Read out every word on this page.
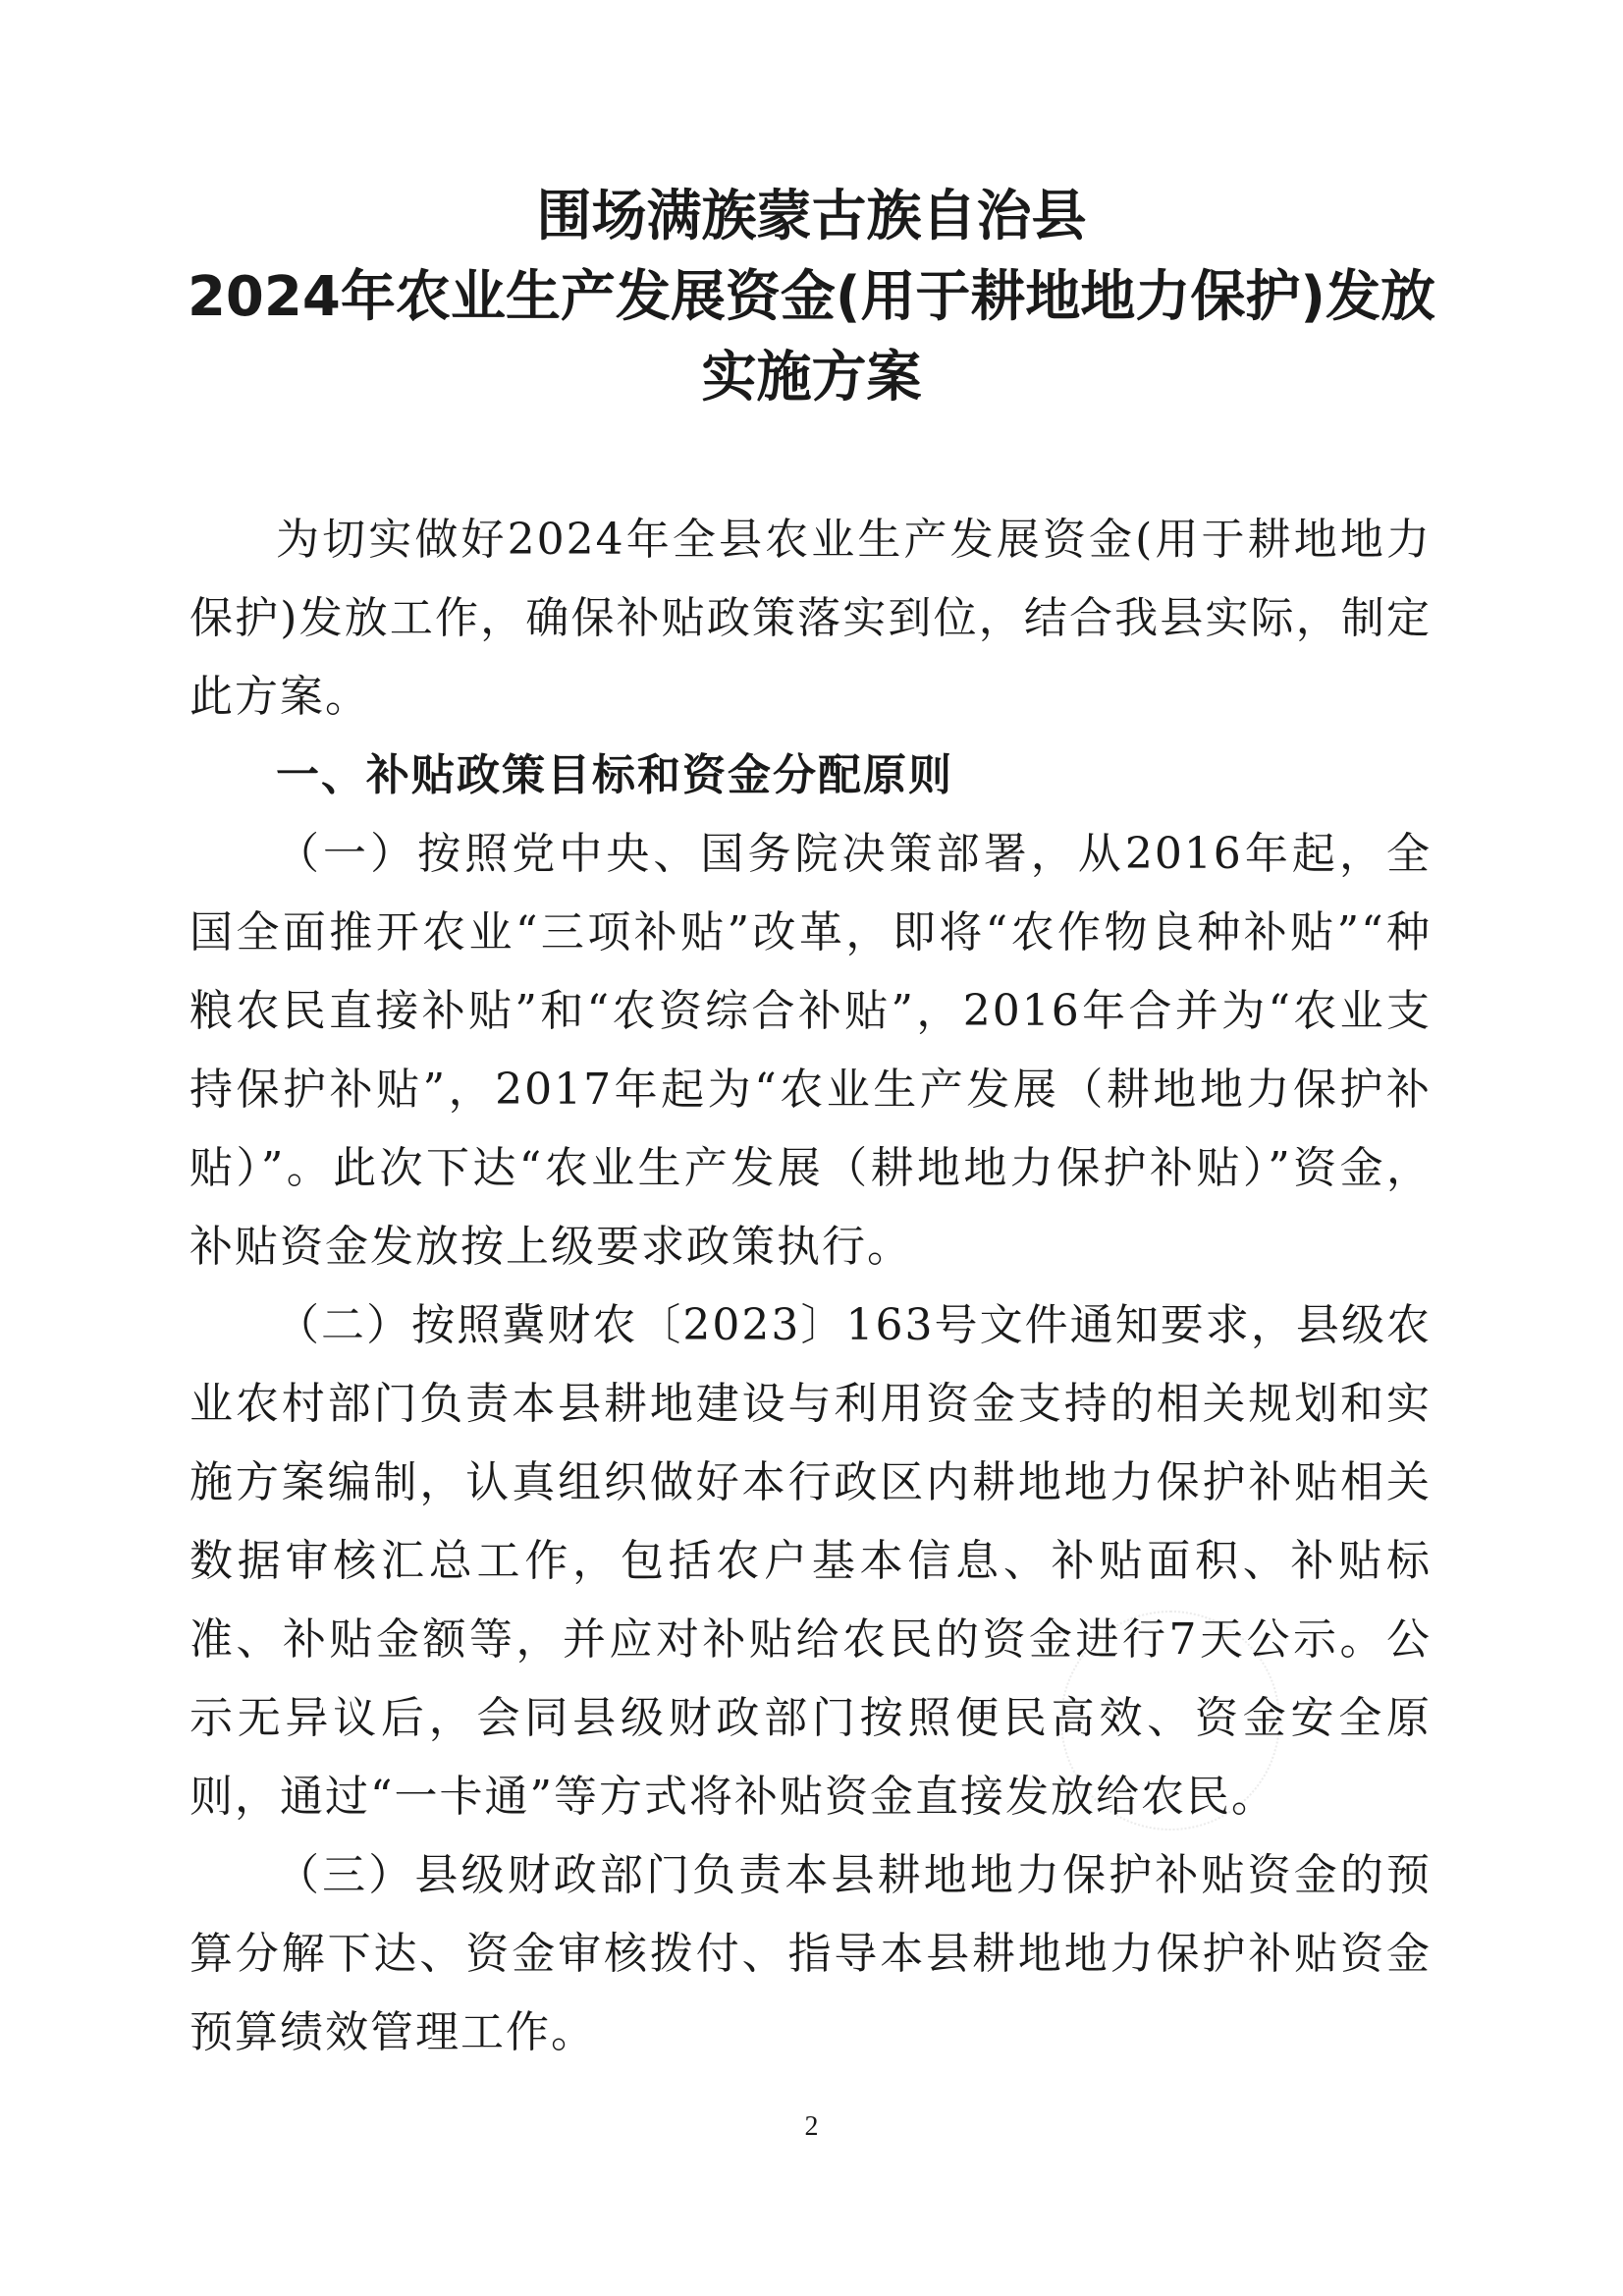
围场满族蒙古族自治县
2024年农业生产发展资金(用于耕地地力保护)发放
实施方案

为切实做好2024年全县农业生产发展资金(用于耕地地力保护)发放工作，确保补贴政策落实到位，结合我县实际，制定此方案。

一、补贴政策目标和资金分配原则

（一）按照党中央、国务院决策部署，从2016年起，全国全面推开农业“三项补贴”改革，即将“农作物良种补贴”“种粮农民直接补贴”和“农资综合补贴”，2016年合并为“农业支持保护补贴”，2017年起为“农业生产发展（耕地地力保护补贴）”。此次下达“农业生产发展（耕地地力保护补贴）”资金，补贴资金发放按上级要求政策执行。

（二）按照冀财农〔2023〕163号文件通知要求，县级农业农村部门负责本县耕地建设与利用资金支持的相关规划和实施方案编制，认真组织做好本行政区内耕地地力保护补贴相关数据审核汇总工作，包括农户基本信息、补贴面积、补贴标准、补贴金额等，并应对补贴给农民的资金进行7天公示。公示无异议后，会同县级财政部门按照便民高效、资金安全原则，通过“一卡通”等方式将补贴资金直接发放给农民。

（三）县级财政部门负责本县耕地地力保护补贴资金的预算分解下达、资金审核拨付、指导本县耕地地力保护补贴资金预算绩效管理工作。

2
